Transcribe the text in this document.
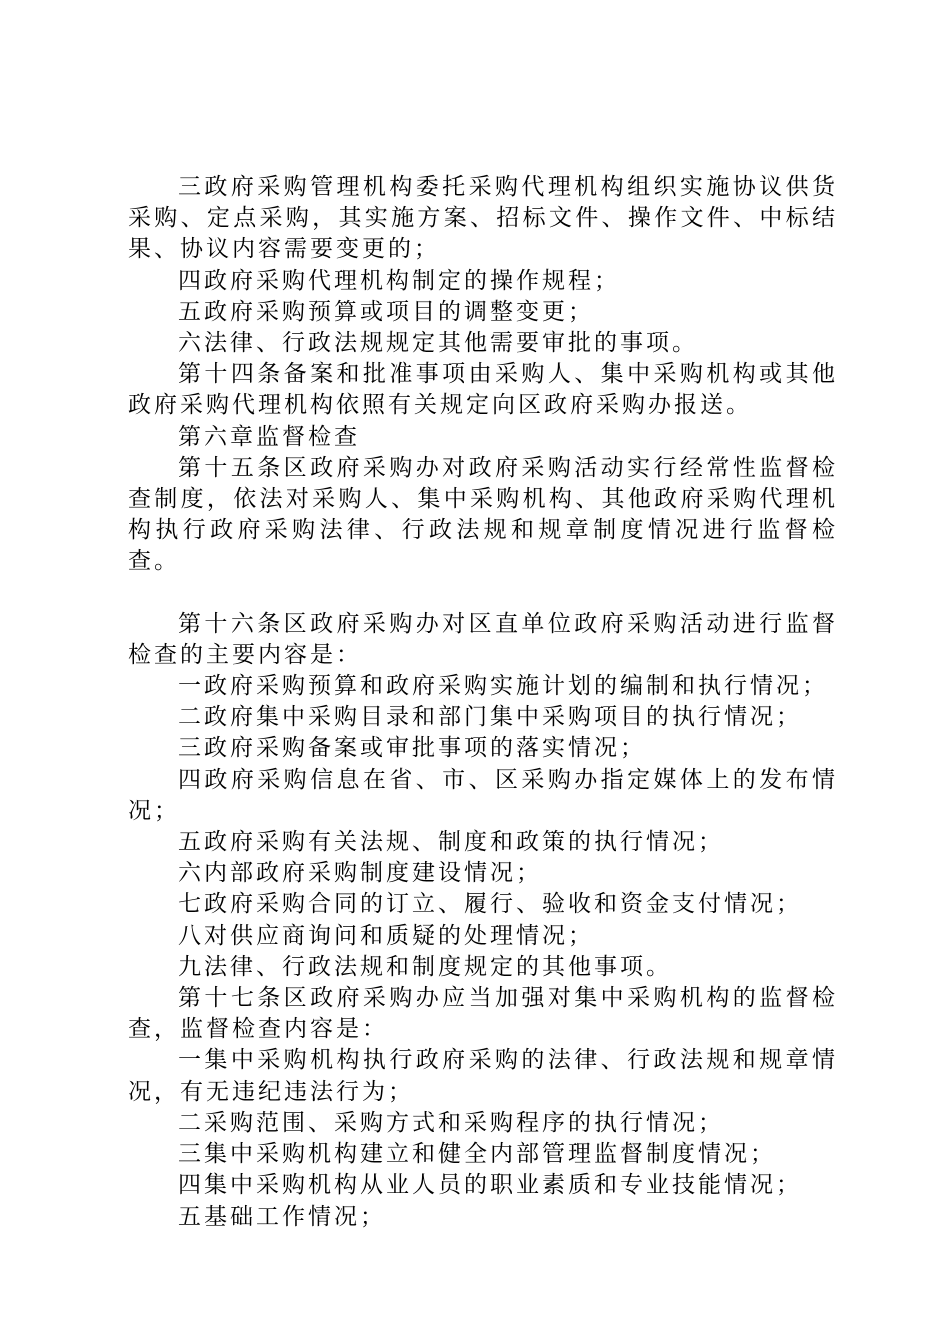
三政府采购管理机构委托采购代理机构组织实施协议供货采购、定点采购，其实施方案、招标文件、操作文件、中标结果、协议内容需要变更的；

四政府采购代理机构制定的操作规程；

五政府采购预算或项目的调整变更；

六法律、行政法规规定其他需要审批的事项。

第十四条备案和批准事项由采购人、集中采购机构或其他政府采购代理机构依照有关规定向区政府采购办报送。

第六章监督检查

第十五条区政府采购办对政府采购活动实行经常性监督检查制度，依法对采购人、集中采购机构、其他政府采购代理机构执行政府采购法律、行政法规和规章制度情况进行监督检查。

第十六条区政府采购办对区直单位政府采购活动进行监督检查的主要内容是：

一政府采购预算和政府采购实施计划的编制和执行情况；

二政府集中采购目录和部门集中采购项目的执行情况；

三政府采购备案或审批事项的落实情况；

四政府采购信息在省、市、区采购办指定媒体上的发布情况；

五政府采购有关法规、制度和政策的执行情况；

六内部政府采购制度建设情况；

七政府采购合同的订立、履行、验收和资金支付情况；

八对供应商询问和质疑的处理情况；

九法律、行政法规和制度规定的其他事项。

第十七条区政府采购办应当加强对集中采购机构的监督检查，监督检查内容是：

一集中采购机构执行政府采购的法律、行政法规和规章情况，有无违纪违法行为；

二采购范围、采购方式和采购程序的执行情况；

三集中采购机构建立和健全内部管理监督制度情况；

四集中采购机构从业人员的职业素质和专业技能情况；

五基础工作情况；
